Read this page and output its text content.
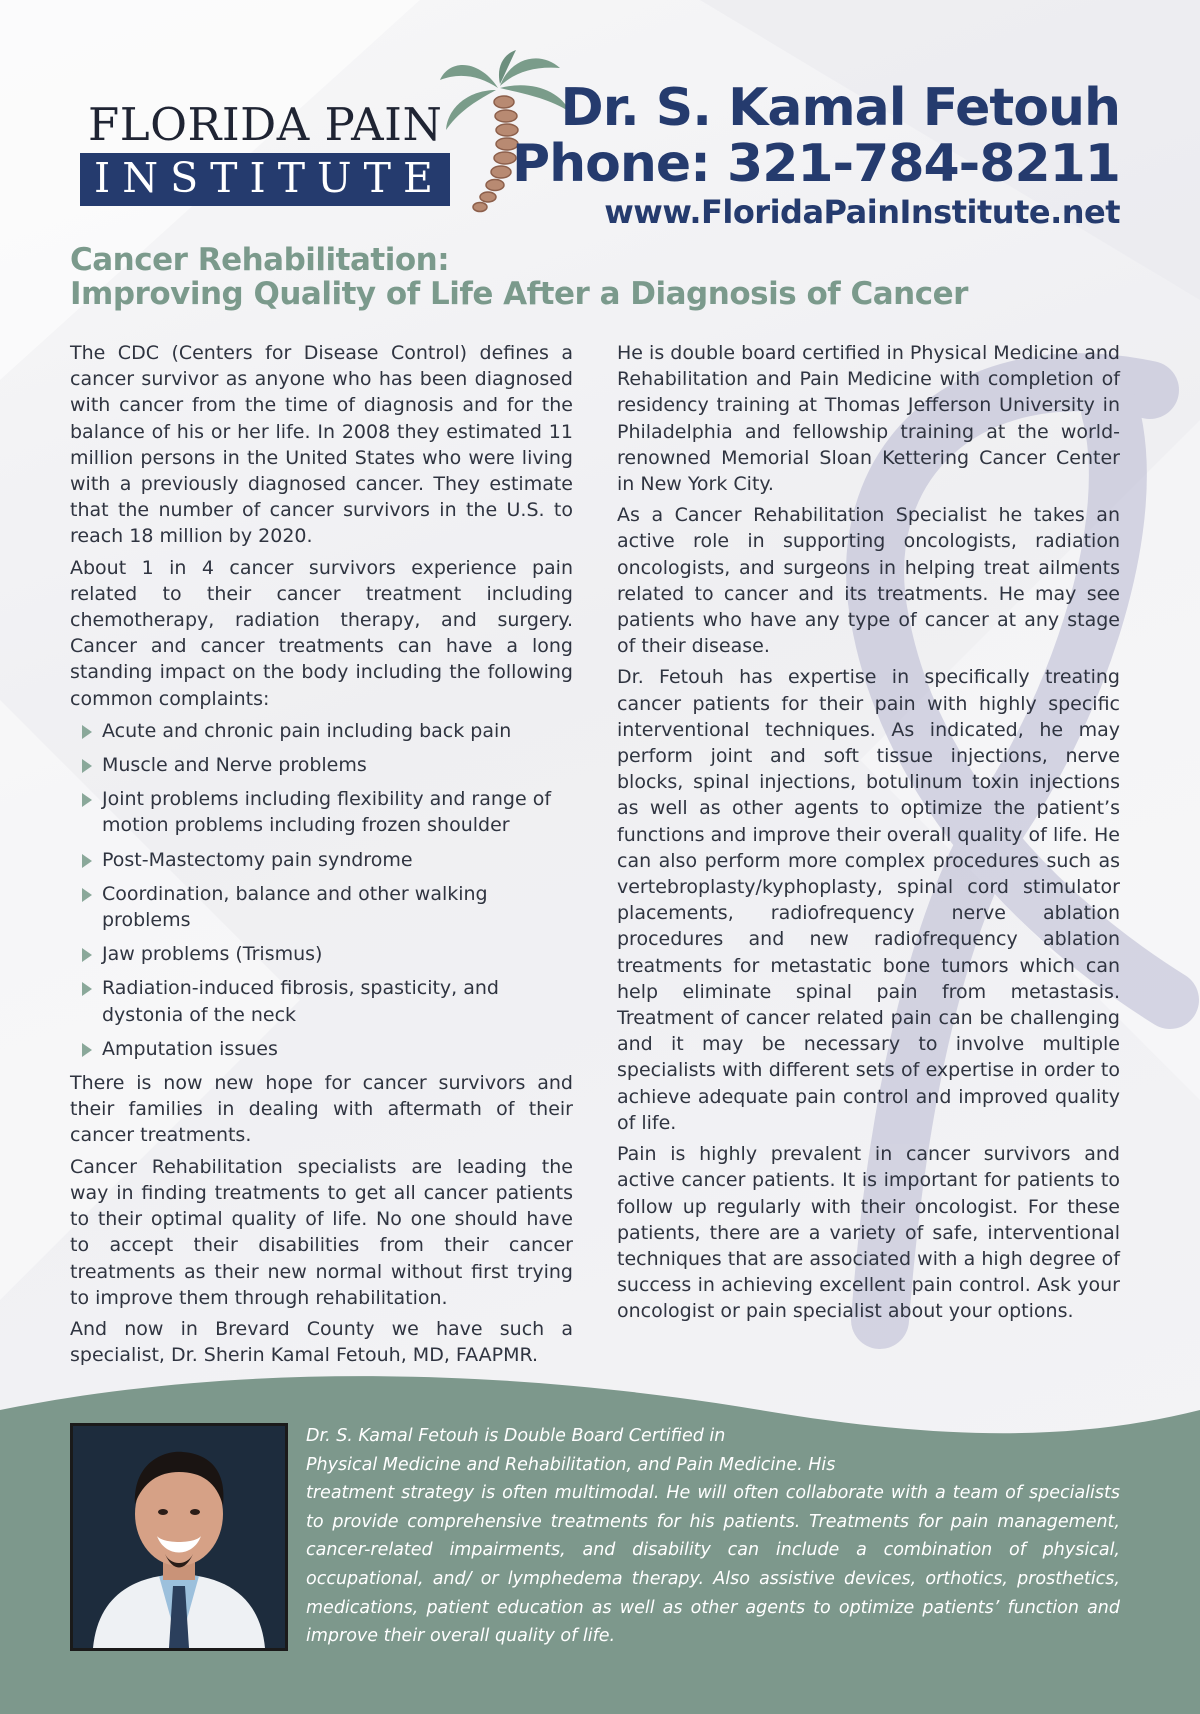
FLORIDA PAIN
INSTITUTE
Dr. S. Kamal Fetouh
Phone: 321-784-8211
www.FloridaPainInstitute.net
Cancer Rehabilitation:
Improving Quality of Life After a Diagnosis of Cancer

The CDC (Centers for Disease Control) defines a cancer survivor as anyone who has been diagnosed with cancer from the time of diagnosis and for the balance of his or her life. In 2008 they estimated 11 million persons in the United States who were living with a previously diagnosed cancer. They estimate that the number of cancer survivors in the U.S. to reach 18 million by 2020.

About 1 in 4 cancer survivors experience pain related to their cancer treatment including chemotherapy, radiation therapy, and surgery. Cancer and cancer treatments can have a long standing impact on the body including the following common complaints:

Acute and chronic pain including back pain
Muscle and Nerve problems
Joint problems including flexibility and range of motion problems including frozen shoulder
Post-Mastectomy pain syndrome
Coordination, balance and other walking problems
Jaw problems (Trismus)
Radiation-induced fibrosis, spasticity, and dystonia of the neck
Amputation issues

There is now new hope for cancer survivors and their families in dealing with aftermath of their cancer treatments.

Cancer Rehabilitation specialists are leading the way in finding treatments to get all cancer patients to their optimal quality of life. No one should have to accept their disabilities from their cancer treatments as their new normal without first trying to improve them through rehabilitation.

And now in Brevard County we have such a specialist, Dr. Sherin Kamal Fetouh, MD, FAAPMR.

He is double board certified in Physical Medicine and Rehabilitation and Pain Medicine with completion of residency training at Thomas Jefferson University in Philadelphia and fellowship training at the world-renowned Memorial Sloan Kettering Cancer Center in New York City.

As a Cancer Rehabilitation Specialist he takes an active role in supporting oncologists, radiation oncologists, and surgeons in helping treat ailments related to cancer and its treatments. He may see patients who have any type of cancer at any stage of their disease.

Dr. Fetouh has expertise in specifically treating cancer patients for their pain with highly specific interventional techniques. As indicated, he may perform joint and soft tissue injections, nerve blocks, spinal injections, botulinum toxin injections as well as other agents to optimize the patient’s functions and improve their overall quality of life. He can also perform more complex procedures such as vertebroplasty/kyphoplasty, spinal cord stimulator placements, radiofrequency nerve ablation procedures and new radiofrequency ablation treatments for metastatic bone tumors which can help eliminate spinal pain from metastasis. Treatment of cancer related pain can be challenging and it may be necessary to involve multiple specialists with different sets of expertise in order to achieve adequate pain control and improved quality of life.

Pain is highly prevalent in cancer survivors and active cancer patients. It is important for patients to follow up regularly with their oncologist. For these patients, there are a variety of safe, interventional techniques that are associated with a high degree of success in achieving excellent pain control. Ask your oncologist or pain specialist about your options.

Dr. S. Kamal Fetouh is Double Board Certified in
Physical Medicine and Rehabilitation, and Pain Medicine. His
treatment strategy is often multimodal. He will often collaborate with a team of specialists to provide comprehensive treatments for his patients. Treatments for pain management, cancer-related impairments, and disability can include a combination of physical, occupational, and/ or lymphedema therapy. Also assistive devices, orthotics, prosthetics, medications, patient education as well as other agents to optimize patients’ function and improve their overall quality of life.
